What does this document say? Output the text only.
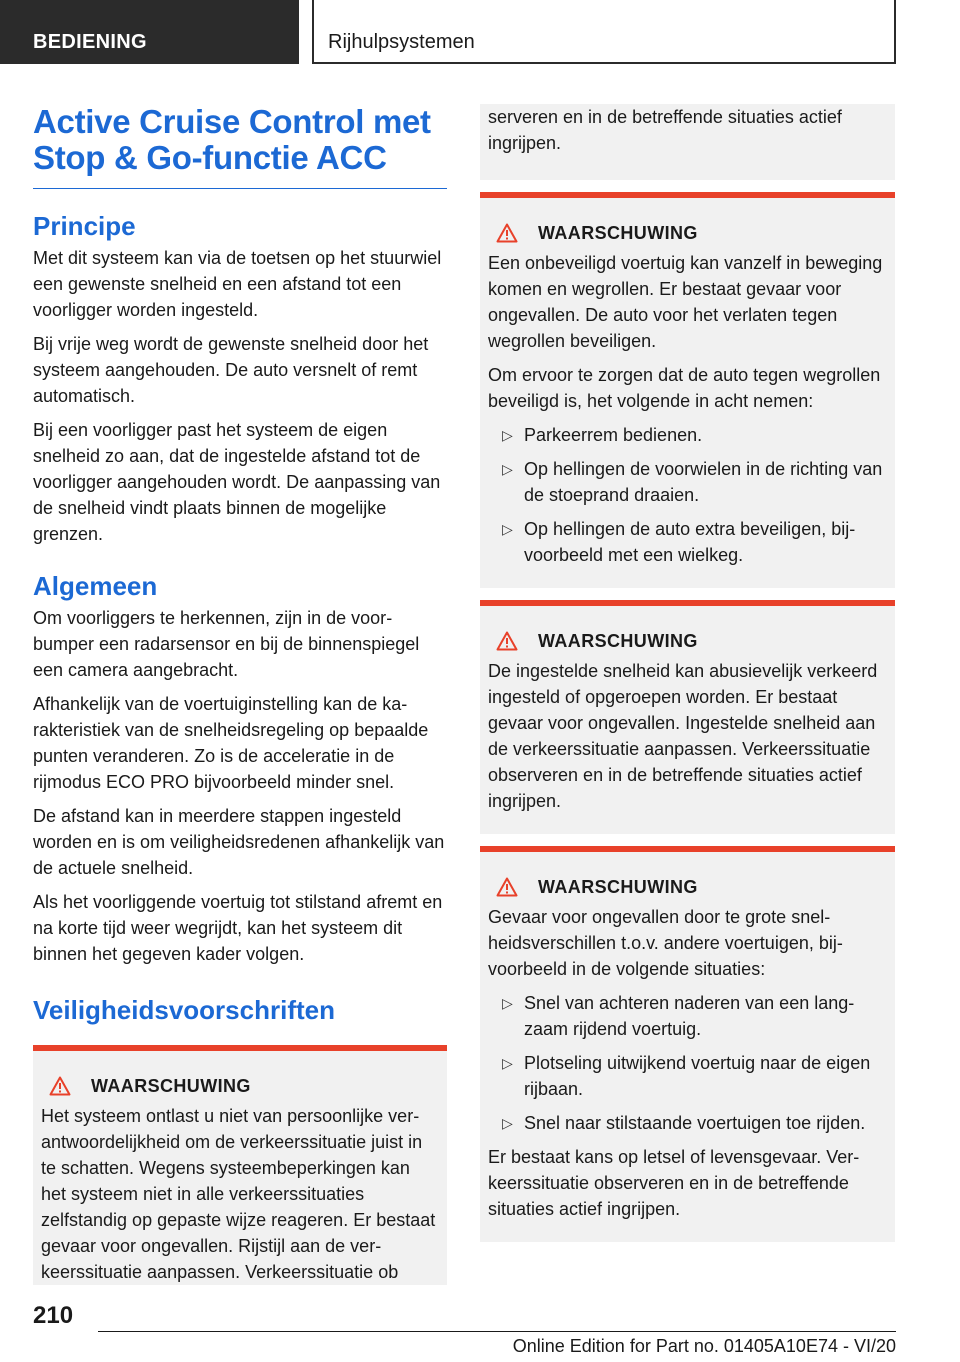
BEDIENING	Rijhulpsystemen
Active Cruise Control met Stop & Go-functie ACC
Principe

Met dit systeem kan via de toetsen op het stuurwiel een gewenste snelheid en een afstand tot een voorligger worden ingesteld.

Bij vrije weg wordt de gewenste snelheid door het systeem aangehouden. De auto versnelt of remt automatisch.

Bij een voorligger past het systeem de eigen snelheid zo aan, dat de ingestelde afstand tot de voorligger aangehouden wordt. De aanpassing van de snelheid vindt plaats binnen de mogelijke grenzen.

Algemeen

Om voorliggers te herkennen, zijn in de voorbumper een radarsensor en bij de binnenspiegel een camera aangebracht.

Afhankelijk van de voertuiginstelling kan de karakteristiek van de snelheidsregeling op bepaalde punten veranderen. Zo is de acceleratie in de rijmodus ECO PRO bijvoorbeeld minder snel.

De afstand kan in meerdere stappen ingesteld worden en is om veiligheidsredenen afhankelijk van de actuele snelheid.

Als het voorliggende voertuig tot stilstand afremt en na korte tijd weer wegrijdt, kan het systeem dit binnen het gegeven kader volgen.

Veiligheidsvoorschriften
WAARSCHUWING

Het systeem ontlast u niet van persoonlijke verantwoordelijkheid om de verkeerssituatie juist in te schatten. Wegens systeembeperkingen kan het systeem niet in alle verkeerssituaties zelfstandig op gepaste wijze reageren. Er bestaat gevaar voor ongevallen. Rijstijl aan de verkeerssituatie aanpassen. Verkeerssituatie ob

serveren en in de betreffende situaties actief ingrijpen.

WAARSCHUWING

Een onbeveiligd voertuig kan vanzelf in beweging komen en wegrollen. Er bestaat gevaar voor ongevallen. De auto voor het verlaten tegen wegrollen beveiligen.

Om ervoor te zorgen dat de auto tegen wegrollen beveiligd is, het volgende in acht nemen:

▷ Parkeerrem bedienen.
▷ Op hellingen de voorwielen in de richting van de stoeprand draaien.
▷ Op hellingen de auto extra beveiligen, bijvoorbeeld met een wielkeg.
WAARSCHUWING

De ingestelde snelheid kan abusievelijk verkeerd ingesteld of opgeroepen worden. Er bestaat gevaar voor ongevallen. Ingestelde snelheid aan de verkeerssituatie aanpassen. Verkeerssituatie observeren en in de betreffende situaties actief ingrijpen.

WAARSCHUWING

Gevaar voor ongevallen door te grote snelheidsverschillen t.o.v. andere voertuigen, bijvoorbeeld in de volgende situaties:

▷ Snel van achteren naderen van een langzaam rijdend voertuig.
▷ Plotseling uitwijkend voertuig naar de eigen rijbaan.
▷ Snel naar stilstaande voertuigen toe rijden.

Er bestaat kans op letsel of levensgevaar. Verkeerssituatie observeren en in de betreffende situaties actief ingrijpen.

210
Online Edition for Part no. 01405A10E74 - VI/20
